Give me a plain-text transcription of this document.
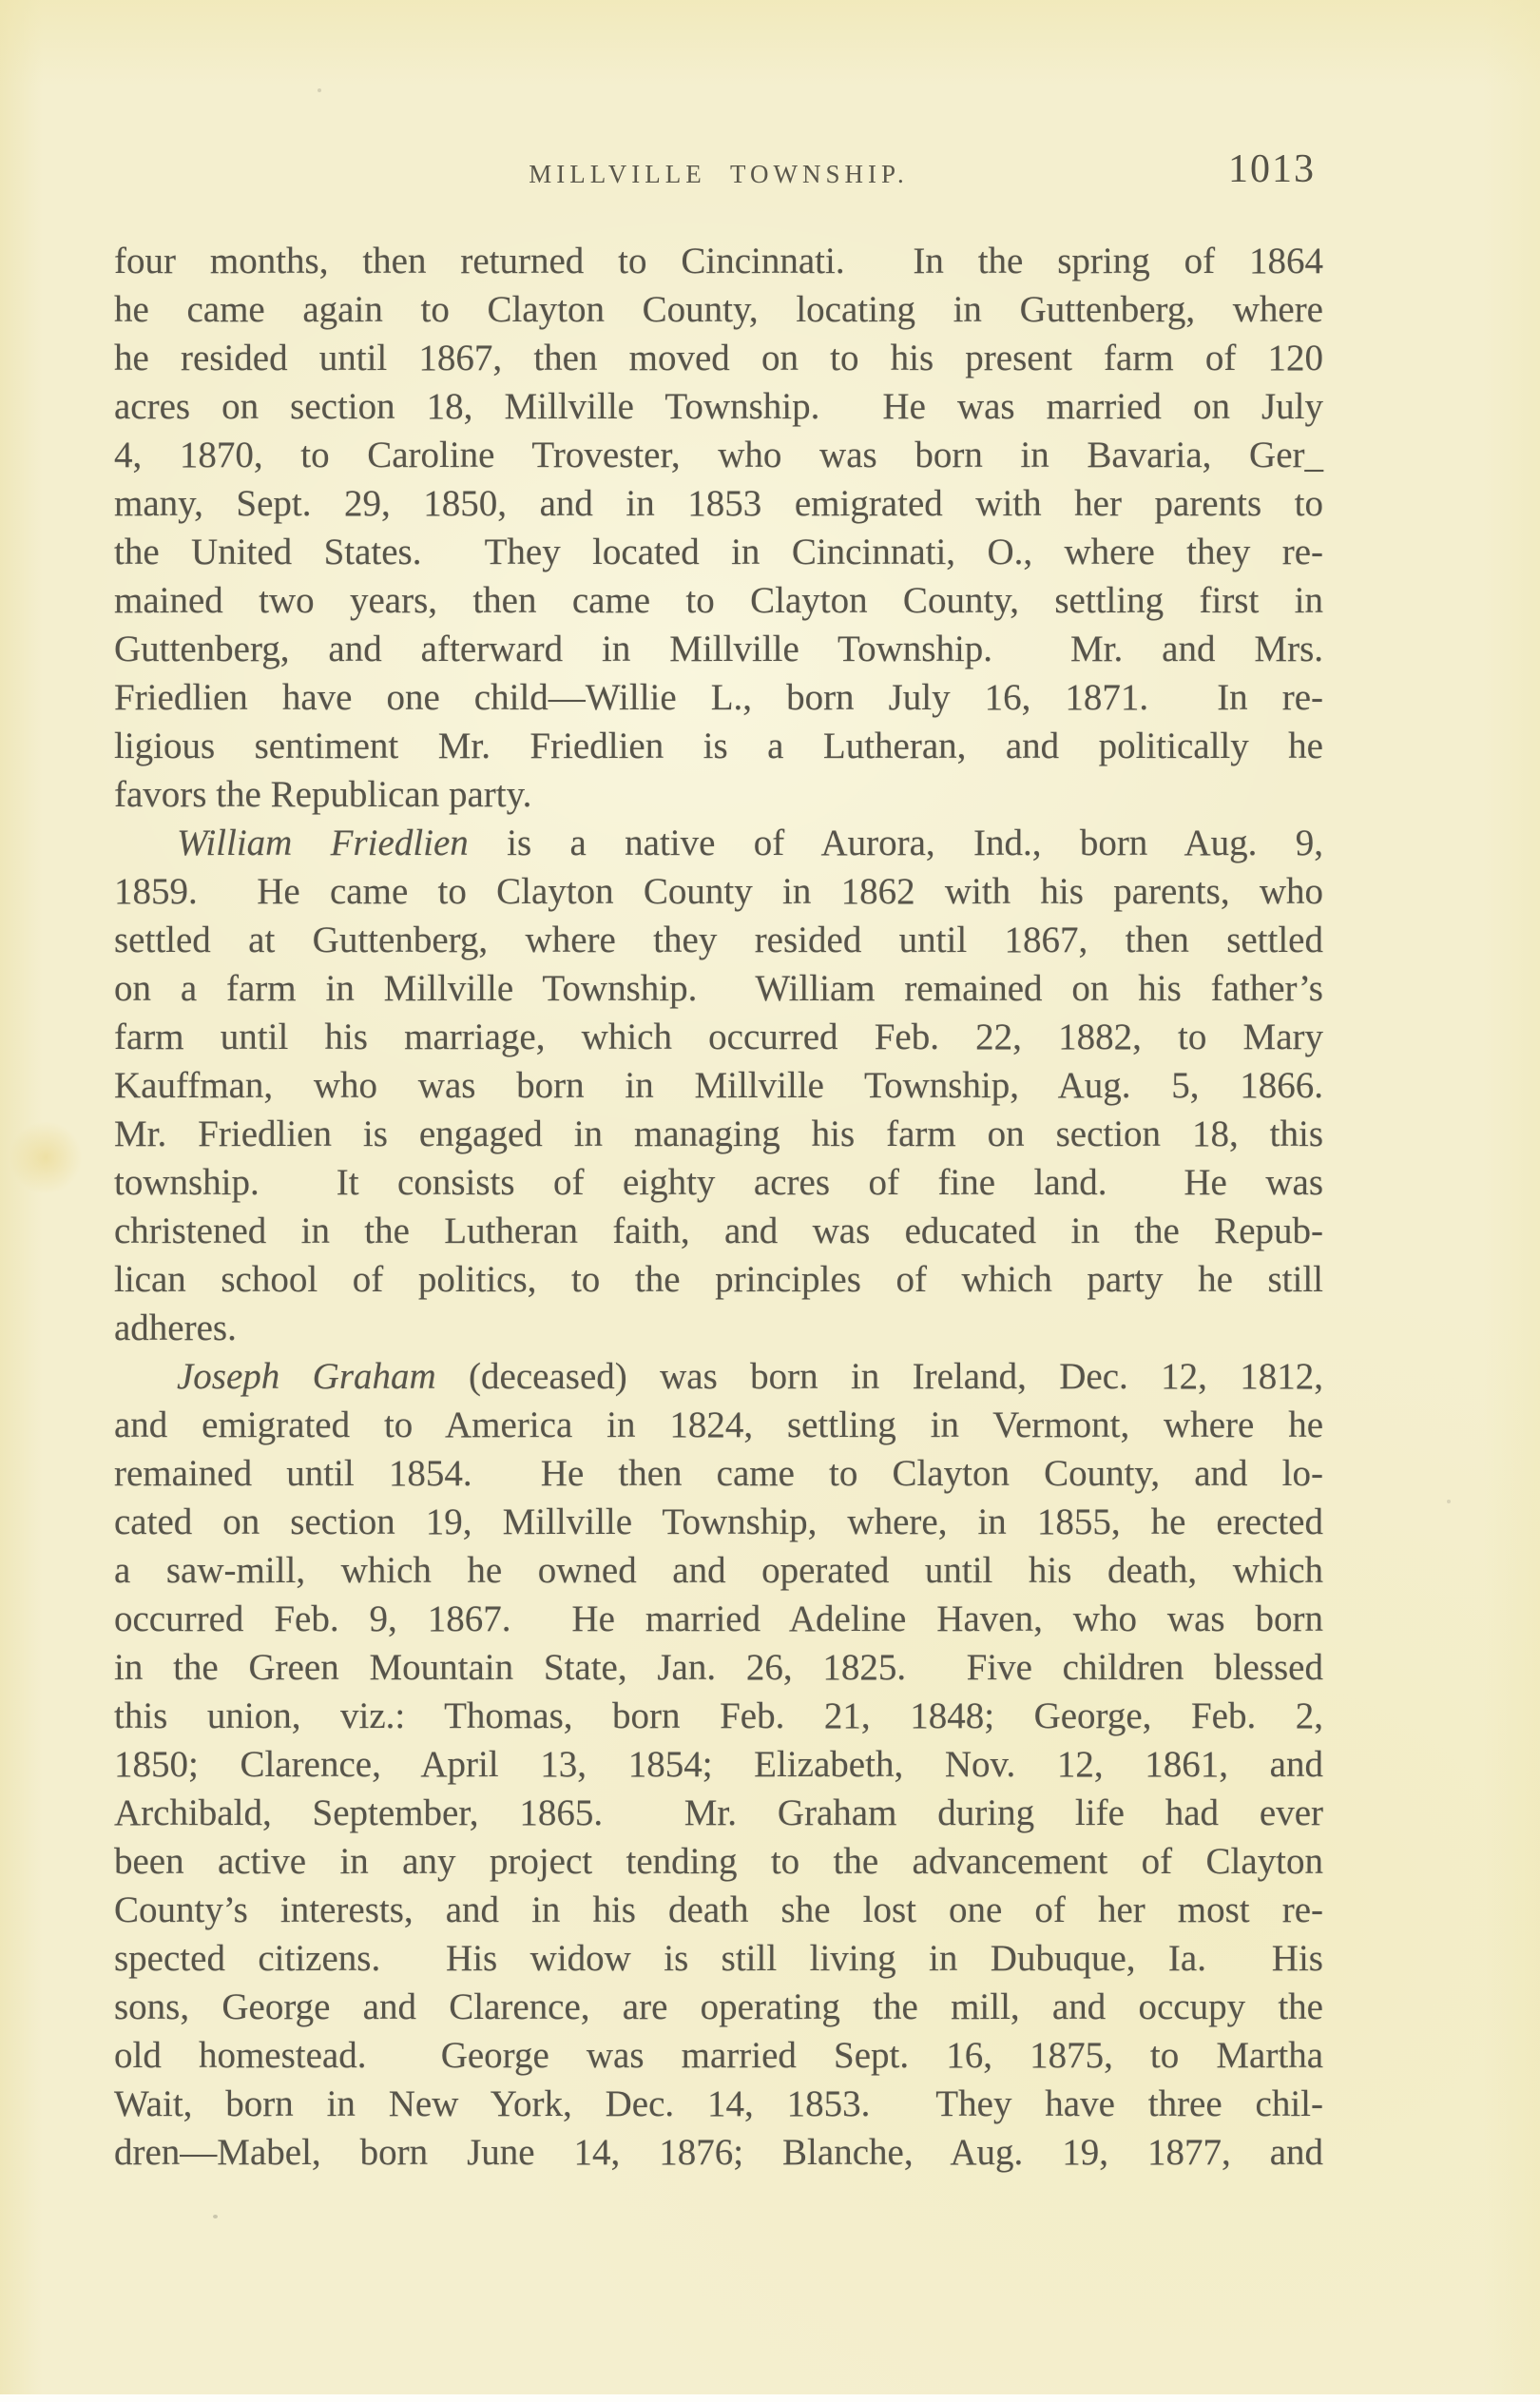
MILLVILLE TOWNSHIP.	1013
four months, then returned to Cincinnati.  In the spring of 1864
he came again to Clayton County, locating in Guttenberg, where
he resided until 1867, then moved on to his present farm of 120
acres on section 18, Millville Township.  He was married on July
4, 1870, to Caroline Trovester, who was born in Bavaria, Ger_
many, Sept. 29, 1850, and in 1853 emigrated with her parents to
the United States.  They located in Cincinnati, O., where they re-
mained two years, then came to Clayton County, settling first in
Guttenberg, and afterward in Millville Township.  Mr. and Mrs.
Friedlien have one child—Willie L., born July 16, 1871.  In re-
ligious sentiment Mr. Friedlien is a Lutheran, and politically he
favors the Republican party.
William Friedlien is a native of Aurora, Ind., born Aug. 9,
1859.  He came to Clayton County in 1862 with his parents, who
settled at Guttenberg, where they resided until 1867, then settled
on a farm in Millville Township.  William remained on his father’s
farm until his marriage, which occurred Feb. 22, 1882, to Mary
Kauffman, who was born in Millville Township, Aug. 5, 1866.
Mr. Friedlien is engaged in managing his farm on section 18, this
township.  It consists of eighty acres of fine land.  He was
christened in the Lutheran faith, and was educated in the Repub-
lican school of politics, to the principles of which party he still
adheres.
Joseph Graham (deceased) was born in Ireland, Dec. 12, 1812,
and emigrated to America in 1824, settling in Vermont, where he
remained until 1854.  He then came to Clayton County, and lo-
cated on section 19, Millville Township, where, in 1855, he erected
a saw-mill, which he owned and operated until his death, which
occurred Feb. 9, 1867.  He married Adeline Haven, who was born
in the Green Mountain State, Jan. 26, 1825.  Five children blessed
this union, viz.: Thomas, born Feb. 21, 1848; George, Feb. 2,
1850; Clarence, April 13, 1854; Elizabeth, Nov. 12, 1861, and
Archibald, September, 1865.  Mr. Graham during life had ever
been active in any project tending to the advancement of Clayton
County’s interests, and in his death she lost one of her most re-
spected citizens.  His widow is still living in Dubuque, Ia.  His
sons, George and Clarence, are operating the mill, and occupy the
old homestead.  George was married Sept. 16, 1875, to Martha
Wait, born in New York, Dec. 14, 1853.  They have three chil-
dren—Mabel, born June 14, 1876; Blanche, Aug. 19, 1877, and
